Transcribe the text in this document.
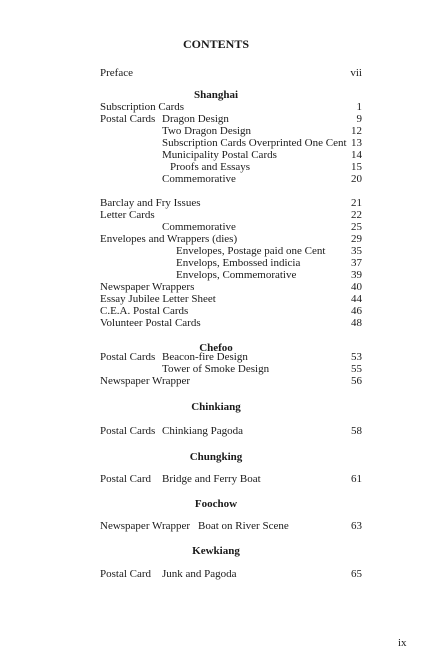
CONTENTS
Preface	vii
Shanghai
Subscription Cards	1
Postal Cards Dragon Design	9
Two Dragon Design	12
Subscription Cards Overprinted One Cent 13
Municipality Postal Cards	14
Proofs and Essays	15
Commemorative	20
Barclay and Fry Issues	21
Letter Cards	22
Commemorative	25
Envelopes and Wrappers (dies)	29
Envelopes, Postage paid one Cent	35
Envelops, Embossed indicia	37
Envelops, Commemorative	39
Newspaper Wrappers	40
Essay Jubilee Letter Sheet	44
C.E.A. Postal Cards	46
Volunteer Postal Cards	48
Chefoo
Postal Cards Beacon-fire Design	53
Tower of Smoke Design	55
Newspaper Wrapper	56
Chinkiang
Postal Cards Chinkiang Pagoda	58
Chungking
Postal Card Bridge and Ferry Boat	61
Foochow
Newspaper Wrapper Boat on River Scene	63
Kewkiang
Postal Card Junk and Pagoda	65
ix
